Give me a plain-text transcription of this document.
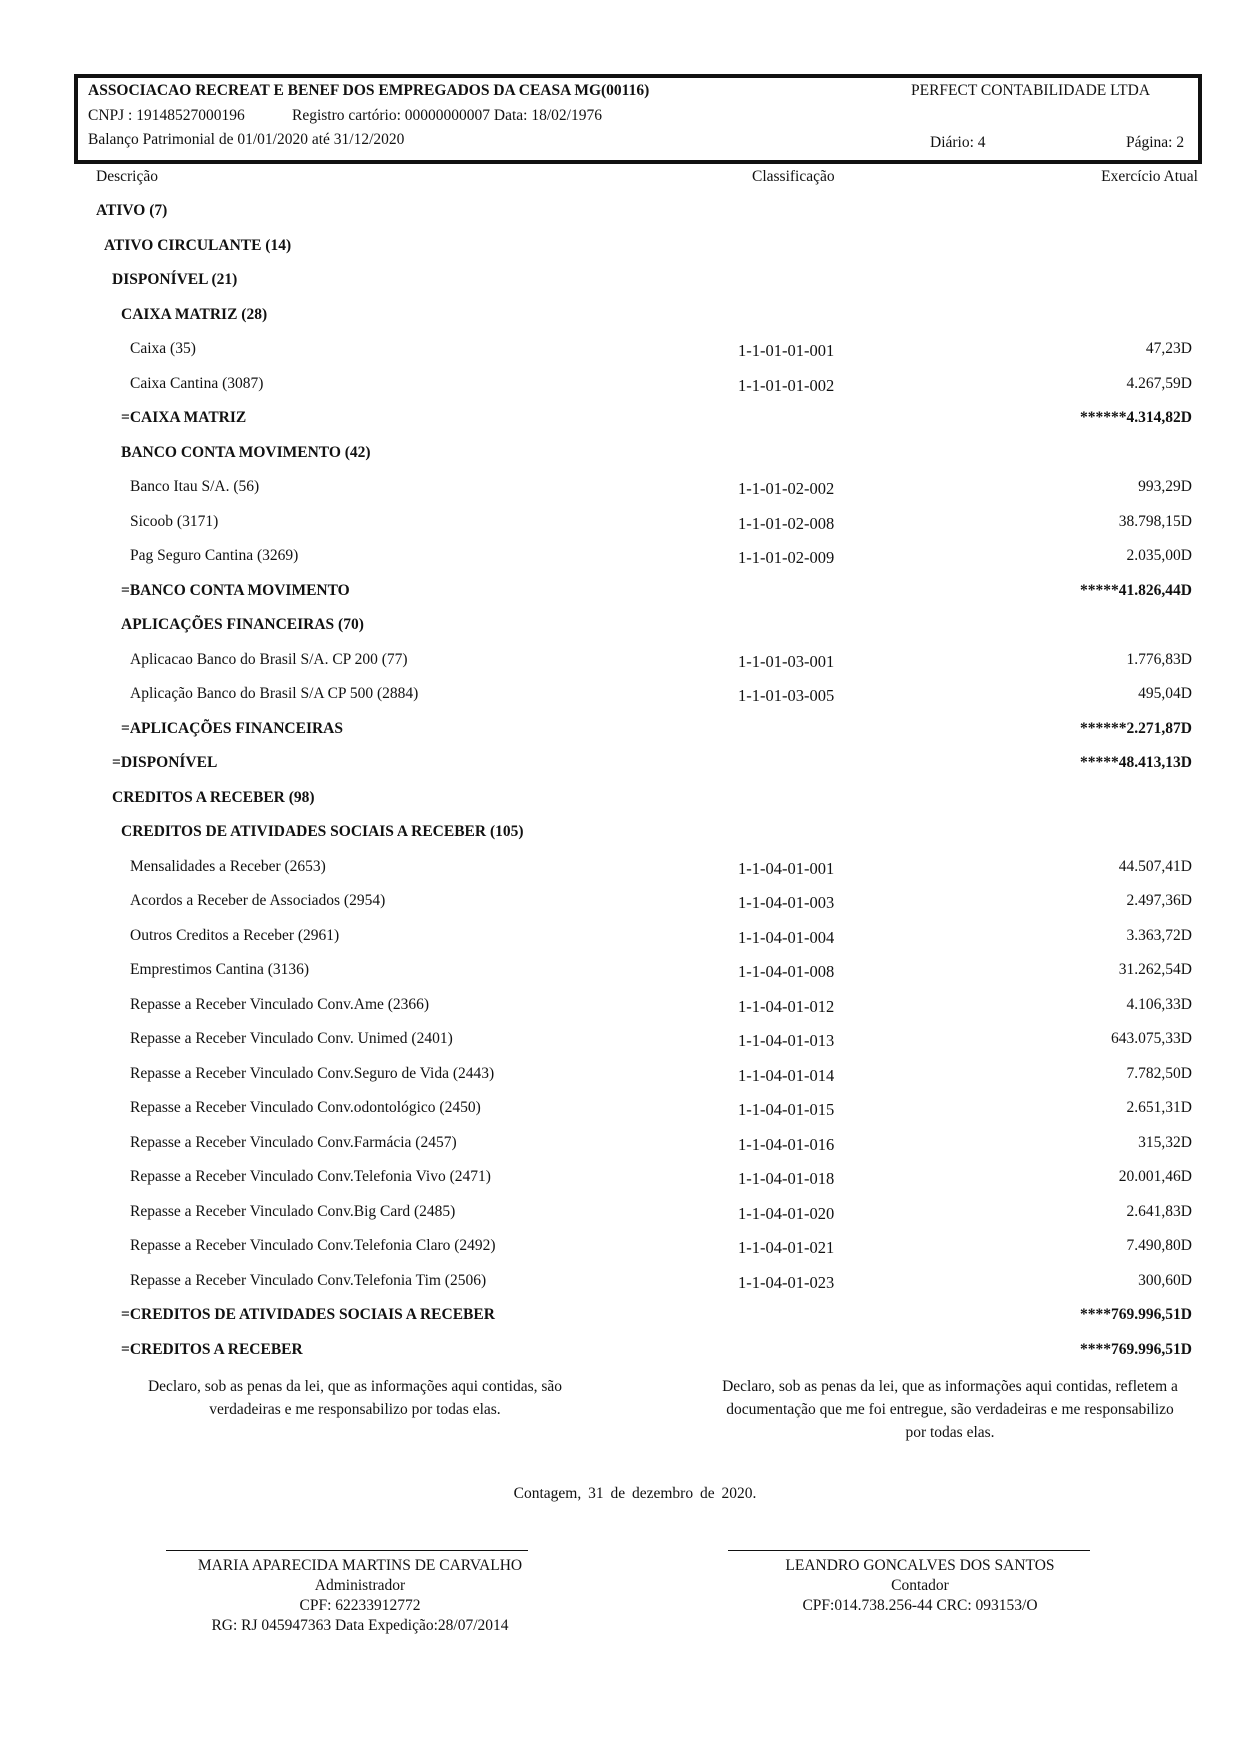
ASSOCIACAO RECREAT E BENEF DOS EMPREGADOS DA CEASA MG(00116)	PERFECT CONTABILIDADE LTDA
CNPJ : 19148527000196	Registro cartório: 00000000007 Data: 18/02/1976
Balanço Patrimonial de 01/01/2020 até 31/12/2020	Diário: 4	Página: 2
Descrição	Classificação	Exercício Atual
ATIVO (7)
ATIVO CIRCULANTE (14)
DISPONÍVEL (21)
CAIXA MATRIZ (28)
Caixa (35)	1-1-01-01-001	47,23D
Caixa Cantina (3087)	1-1-01-01-002	4.267,59D
=CAIXA MATRIZ	******4.314,82D
BANCO CONTA MOVIMENTO (42)
Banco Itau S/A. (56)	1-1-01-02-002	993,29D
Sicoob (3171)	1-1-01-02-008	38.798,15D
Pag Seguro Cantina (3269)	1-1-01-02-009	2.035,00D
=BANCO CONTA MOVIMENTO	*****41.826,44D
APLICAÇÕES FINANCEIRAS (70)
Aplicacao Banco do Brasil S/A. CP 200 (77)	1-1-01-03-001	1.776,83D
Aplicação Banco do Brasil S/A CP 500 (2884)	1-1-01-03-005	495,04D
=APLICAÇÕES FINANCEIRAS	******2.271,87D
=DISPONÍVEL	*****48.413,13D
CREDITOS A RECEBER (98)
CREDITOS DE ATIVIDADES SOCIAIS A RECEBER (105)
Mensalidades a Receber (2653)	1-1-04-01-001	44.507,41D
Acordos a Receber de Associados (2954)	1-1-04-01-003	2.497,36D
Outros Creditos a Receber (2961)	1-1-04-01-004	3.363,72D
Emprestimos Cantina (3136)	1-1-04-01-008	31.262,54D
Repasse a Receber Vinculado Conv.Ame (2366)	1-1-04-01-012	4.106,33D
Repasse a Receber Vinculado Conv. Unimed (2401)	1-1-04-01-013	643.075,33D
Repasse a Receber Vinculado Conv.Seguro de Vida (2443)	1-1-04-01-014	7.782,50D
Repasse a Receber Vinculado Conv.odontológico (2450)	1-1-04-01-015	2.651,31D
Repasse a Receber Vinculado Conv.Farmácia (2457)	1-1-04-01-016	315,32D
Repasse a Receber Vinculado Conv.Telefonia Vivo (2471)	1-1-04-01-018	20.001,46D
Repasse a Receber Vinculado Conv.Big Card (2485)	1-1-04-01-020	2.641,83D
Repasse a Receber Vinculado Conv.Telefonia Claro (2492)	1-1-04-01-021	7.490,80D
Repasse a Receber Vinculado Conv.Telefonia Tim (2506)	1-1-04-01-023	300,60D
=CREDITOS DE ATIVIDADES SOCIAIS A RECEBER	****769.996,51D
=CREDITOS A RECEBER	****769.996,51D
Declaro, sob as penas da lei, que as informações aqui contidas, são
verdadeiras e me responsabilizo por todas elas.
Declaro, sob as penas da lei, que as informações aqui contidas, refletem a
documentação que me foi entregue, são verdadeiras e me responsabilizo
por todas elas.
Contagem, 31 de dezembro de 2020.
MARIA APARECIDA MARTINS DE CARVALHO
Administrador
CPF: 62233912772
RG: RJ 045947363 Data Expedição:28/07/2014
LEANDRO GONCALVES DOS SANTOS
Contador
CPF:014.738.256-44 CRC: 093153/O
